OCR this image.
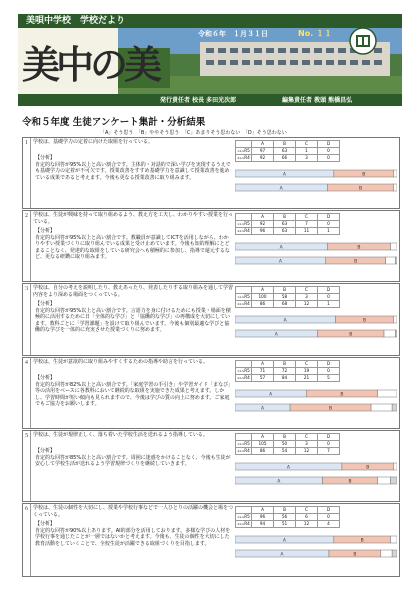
美中の美
美唄中学校　学校だより
令和６年　１月３１日	No. １１
発行責任者 校長 多田光次郎	編集責任者 教頭 熊橋昌弘
令和５年度 生徒アンケート集計・分析結果
「A」そう思う　「B」ややそう思う　「C」あまりそう思わない　「D」そう思わない
１ 学校は、基礎学力の定着に向けた取組を行っている。
【分析】
肯定的な回答が95%以上と高い割合です。主体的・対話的で深い学びを実現するうえでも基礎学力の定着が不可欠です。授業改善をすすめ基礎学力を意識して授業改善を進めている成果であると考えます。今後も更なる授業改善に取り組みます。
	A	B	C	D
①④⑤R5	97	63	1	0
②④⑤R4	92	66	3	0
A	B
A	B
２ 学校は、生徒が興味を持って取り組めるよう、教え方を工夫し、わかりやすい授業を行っている。
【分析】
肯定的な回答が95%以上と高い割合です。教職員が意識してICTを活用しながら、わかりやすい授業づくりに取り組んでいる成果と受け止めています。今後も知的理解にとどまることなく、発達的な取組をしている研究会へも積極的に参加し、指導で還元するなど、更なる研鑽に取り組みます。
	A	B	C	D
①④⑤R5	92	63	7	0
②④⑤R4	96	63	11	1
A	B
A	B
３ 学校は、自分の考えを説明したり、教えあったり、発表したりする取り組みを通して学習内容をより深める場面をつくっている。
【分析】
肯定的な回答が95%以上と高い割合です。言語力を身に付けるためにも授業・場面を積極的に活用するために日「全体的な学び」と「協働的な学び」の再構成を大切にしています。教科ごとに「学習課題」を設けて取り組んでいます。今後も個別最適な学びと協働的な学びを一体的に充実させた授業づくりに努めます。
	A	B	C	D
①④⑤R5	100	58	3	0
②④⑤R4	86	68	12	1
A	B
A	B
４ 学校は、生徒が意欲的に取り組みやすくするための指導や助言を行っている。
【分析】
肯定的な回答が82%以上と高い割合です。「家庭学習の手引き」や学習ガイド「まなび」等の活用をベースに各教科において継続的な取組を実施できた成果と考えます。しかし、学習時間が短い傾向も見られますので、今後は学びの質の向上に努めます。ご家庭でもご協力をお願いします。
	A	B	C	D
①④⑤R5	71	72	19	0
②④⑤R4	57	84	21	5
A	B
A	B
５ 学校は、生徒が規律正しく、落ち着いた学校生活を送れるよう指導している。
【分析】
肯定的な回答が85%以上と高い割合です。周囲に迷惑をかけることなく、今後も生徒が安心して学校生活が送れるよう学習規律づくりを継続していきます。
	A	B	C	D
①④⑤R5	105	50	3	0
②④⑤R4	86	54	12	7
A	B
A	B
６ 学校は、生徒の個性を大切にし、授業や学校行事などで一人ひとりの活躍の機会と場をつくっている。
【分析】
肯定的な回答が90%以上あります。AI的部分を活用しております。多様な学びの人材を学校行事を通じたことが一層ではないかと考えます。今後も、生徒の個性を大切にした教育活動をしていくことで、全校生徒が活躍できる取組づくりを目指します。
	A	B	C	D
①④⑤R5	96	56	6	0
②④⑤R4	94	51	12	4
A	B
A	B
